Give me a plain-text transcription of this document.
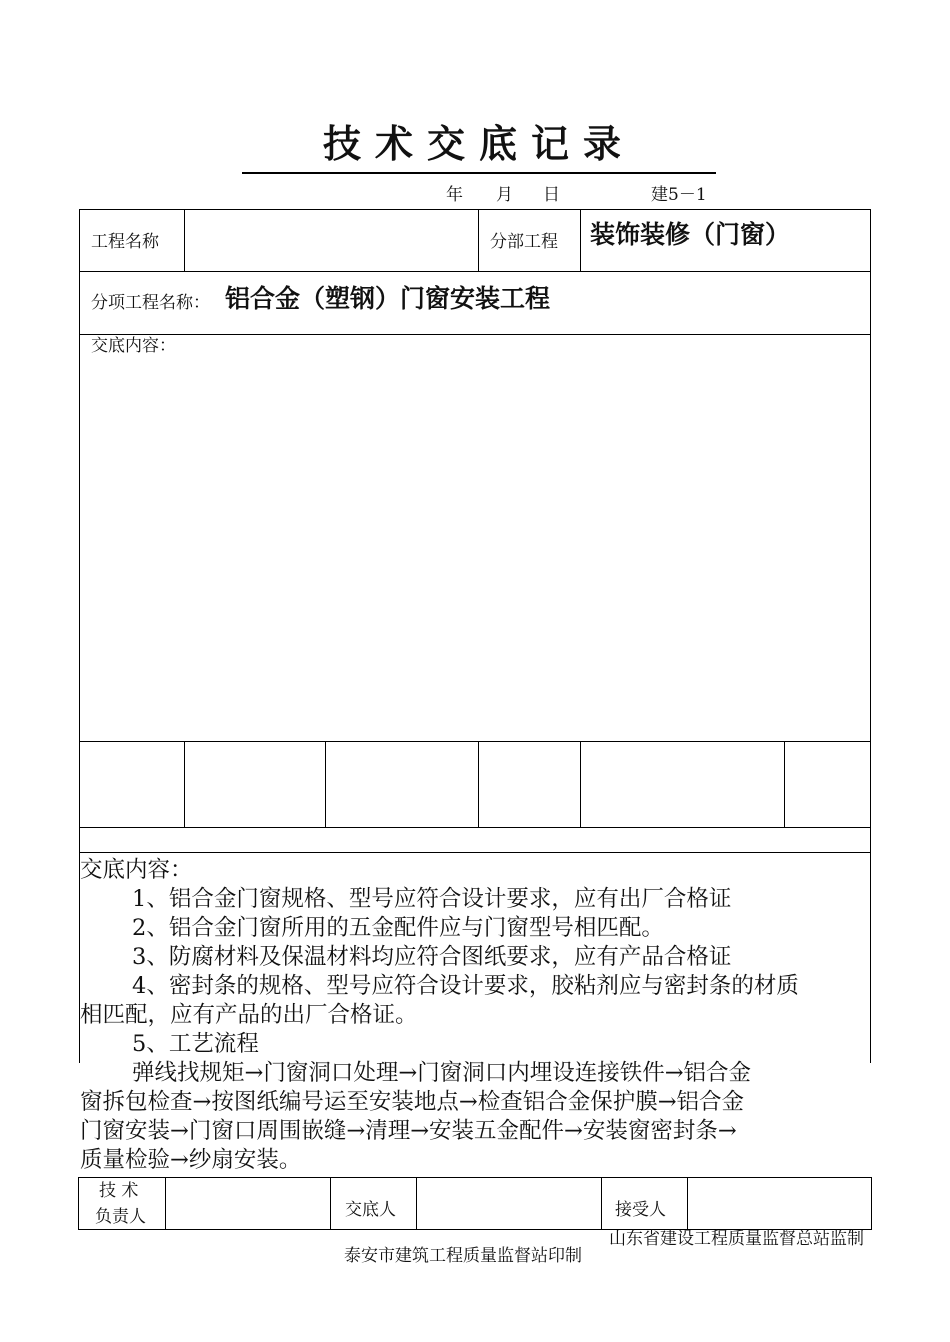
技术交底记录
年 月 日	建5－1
工程名称	分部工程 装饰装修（门窗）
分项工程名称： 铝合金（塑钢）门窗安装工程
交底内容：
交底内容：
1、铝合金门窗规格、型号应符合设计要求，应有出厂合格证
2、铝合金门窗所用的五金配件应与门窗型号相匹配。
3、防腐材料及保温材料均应符合图纸要求，应有产品合格证
4、密封条的规格、型号应符合设计要求，胶粘剂应与密封条的材质
相匹配，应有产品的出厂合格证。
5、工艺流程
弹线找规矩→门窗洞口处理→门窗洞口内埋设连接铁件→铝合金
窗拆包检查→按图纸编号运至安装地点→检查铝合金保护膜→铝合金
门窗安装→门窗口周围嵌缝→清理→安装五金配件→安装窗密封条→
质量检验→纱扇安装。
技 术
负责人	交底人	接受人
山东省建设工程质量监督总站监制
泰安市建筑工程质量监督站印制
